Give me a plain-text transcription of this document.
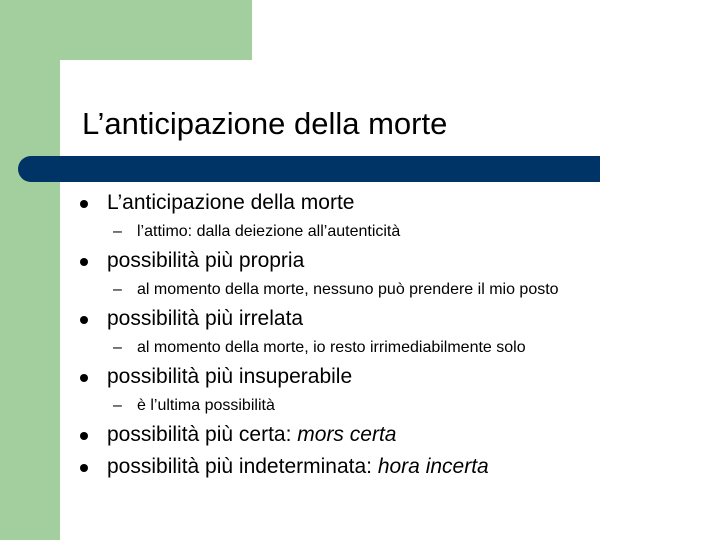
L’anticipazione della morte
L’anticipazione della morte
– l’attimo: dalla deiezione all’autenticità
possibilità più propria
– al momento della morte, nessuno può prendere il mio posto
possibilità più irrelata
– al momento della morte, io resto irrimediabilmente solo
possibilità più insuperabile
– è l’ultima possibilità
possibilità più certa: mors certa
possibilità più indeterminata: hora incerta
